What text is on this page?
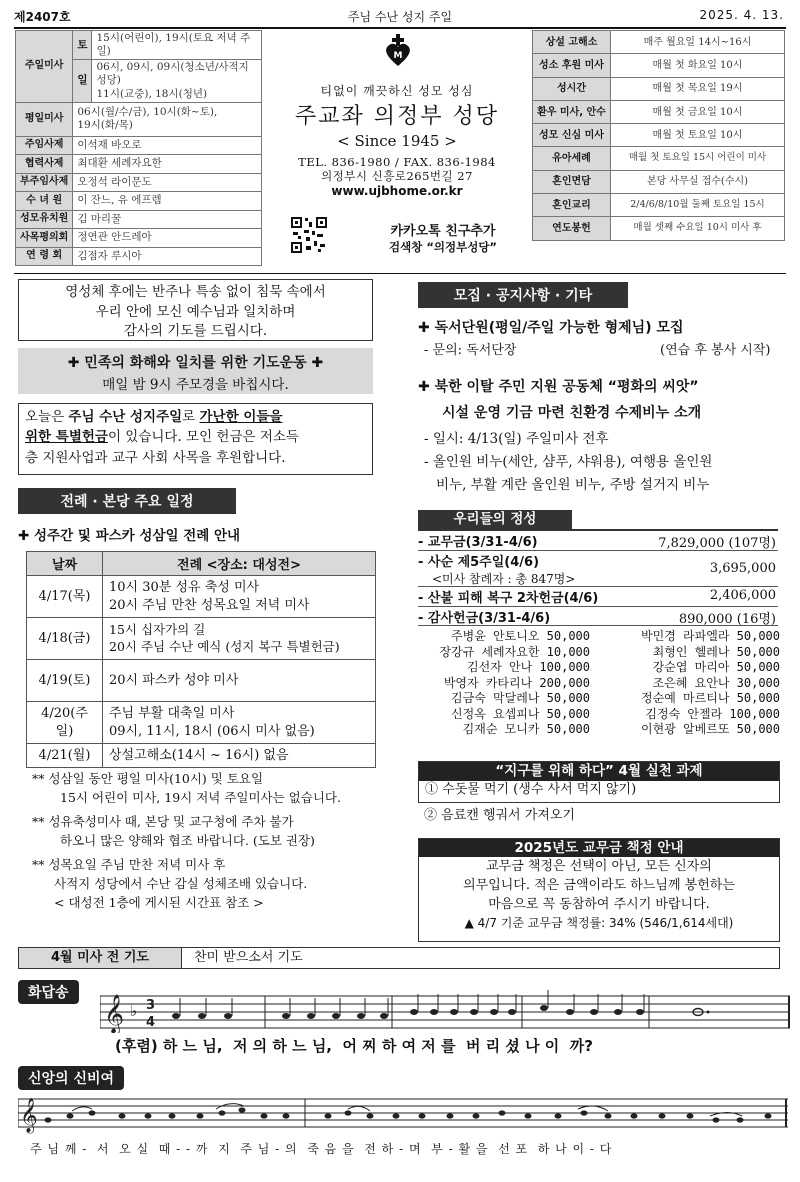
제2407호	주님 수난 성지 주일	2025. 4. 13.
주일미사	토	15시(어린이), 19시(토요 저녁 주일)
	일	06시, 09시, 09시(청소년/사적지성당)
11시(교중), 18시(청년)

평일미사	06시(월/수/금), 10시(화~토),
19시(화/목)	

주임사제	이석재 바오로	
협력사제	최대환 세례자요한	
부주임사제	오정석 라이문도	
수 녀 원	이 잔느, 유 에프렘	
성모유치원	김 마리꿀	
사목평의회	정연관 안드레아	
연 령 회	김점자 루시아	
M
티없이 깨끗하신 성모 성심
주교좌 의정부 성당
< Since 1945 >
TEL. 836-1980 / FAX. 836-1984
의정부시 신흥로265번길 27
www.ujbhome.or.kr
카카오톡 친구추가
검색창 “의정부성당”
상설 고해소	매주 월요일 14시~16시
성소 후원 미사	매월 첫 화요일 10시
성시간	매월 첫 목요일 19시
환우 미사, 안수	매월 첫 금요일 10시
성모 신심 미사	매월 첫 토요일 10시
유아세례	매월 첫 토요일 15시 어린이 미사
혼인면담	본당 사무실 접수(수시)
혼인교리	2/4/6/8/10월 둘째 토요일 15시
연도봉헌	매월 셋째 수요일 10시 미사 후
영성체 후에는 반주나 특송 없이 침묵 속에서
우리 안에 모신 예수님과 일치하며
감사의 기도를 드립시다.
✚ 민족의 화해와 일치를 위한 기도운동 ✚
매일 밤 9시 주모경을 바칩시다.
오늘은 주님 수난 성지주일로 가난한 이들을
위한 특별헌금이 있습니다. 모인 헌금은 저소득
층 지원사업과 교구 사회 사목을 후원합니다.
전례 · 본당 주요 일정
✚ 성주간 및 파스카 성삼일 전례 안내
날짜	전례 <장소: 대성전>
4/17(목)	10시 30분 성유 축성 미사
20시 주님 만찬 성목요일 저녁 미사

4/18(금)	15시 십자가의 길
20시 주님 수난 예식 (성지 복구 특별헌금)

4/19(토)	20시 파스카 성야 미사

4/20(주일)	주님 부활 대축일 미사
09시, 11시, 18시 (06시 미사 없음)

4/21(월)	상설고해소(14시 ~ 16시) 없음
** 성삼일 동안 평일 미사(10시) 및 토요일
15시 어린이 미사, 19시 저녁 주일미사는 없습니다.
** 성유축성미사 때, 본당 및 교구청에 주차 불가
하오니 많은 양해와 협조 바랍니다. (도보 권장)
** 성목요일 주님 만찬 저녁 미사 후
사적지 성당에서 수난 감실 성체조배 있습니다.
< 대성전 1층에 게시된 시간표 참조 >
모집 · 공지사항 · 기타
✚ 독서단원(평일/주일 가능한 형제님) 모집
- 문의: 독서단장	(연습 후 봉사 시작)
✚ 북한 이탈 주민 지원 공동체 “평화의 씨앗”
시설 운영 기금 마련 친환경 수제비누 소개
- 일시: 4/13(일) 주일미사 전후
- 올인원 비누(세안, 샴푸, 샤워용), 여행용 올인원
비누, 부활 계란 올인원 비누, 주방 설거지 비누
우리들의 정성
- 교무금(3/31-4/6)	7,829,000 (107명)
- 사순 제5주일(4/6)
<미사 참례자 : 총 847명>
3,695,000
- 산불 피해 복구 2차헌금(4/6)	2,406,000
- 감사헌금(3/31-4/6)	890,000 (16명)
주병윤 안토니오 50,000	박민경 라파엘라 50,000
장강규 세례자요한 10,000	최형인 헬레나 50,000
김선자 안나 100,000	강순엽 마리아 50,000
박영자 카타리나 200,000	조은혜 요안나 30,000
김금숙 막달레나 50,000	정순예 마르티나 50,000
신정옥 요셉피나 50,000	김정숙 안젤라 100,000
김재순 모니카 50,000	이현광 알베르또 50,000
“지구를 위해 하다” 4월 실천 과제
① 수돗물 먹기 (생수 사서 먹지 않기)
② 음료캔 헹궈서 가져오기
2025년도 교무금 책정 안내
교무금 책정은 선택이 아닌, 모든 신자의
의무입니다. 적은 금액이라도 하느님께 봉헌하는
마음으로 꼭 동참하여 주시기 바랍니다.
▲ 4/7 기준 교무금 책정률: 34% (546/1,614세대)
4월 미사 전 기도	찬미 받으소서 기도
화답송
𝄞 ♭ 3
4
(후렴) 하 느 님,  저 의 하 느 님,  어 찌 하 여 저 를  버 리 셨 나 이  까?
신앙의 신비여
𝄞
주 님 께 -  서  오 실  때 - - 까  지  주 님 - 의  죽 음 을  전 하 - 며  부 - 활 을  선 포  하 나 이 - 다
